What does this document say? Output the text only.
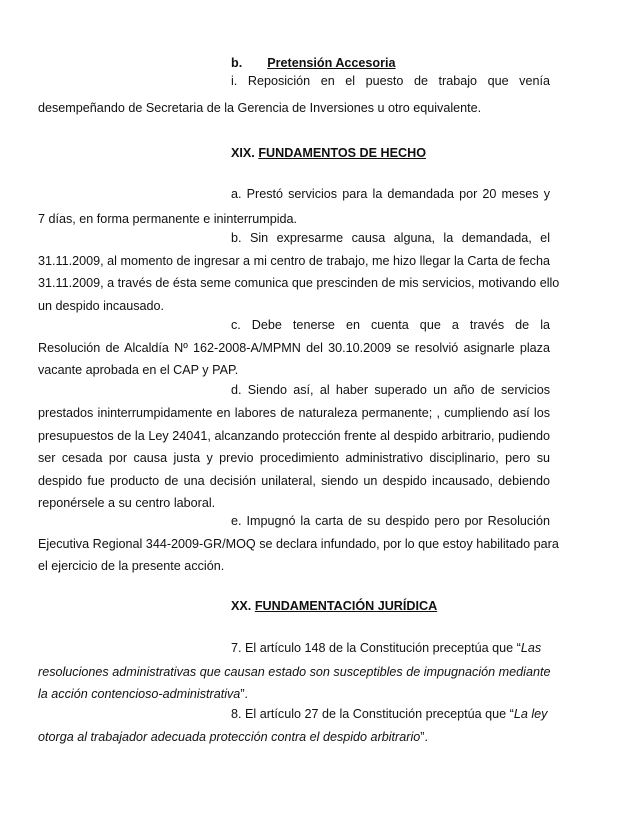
b. Pretensión Accesoria
i. Reposición en el puesto de trabajo que venía
desempeñando de Secretaria de la Gerencia de Inversiones u otro equivalente.
XIX. FUNDAMENTOS DE HECHO
a. Prestó servicios para la demandada por 20 meses y
7 días, en forma permanente e ininterrumpida.
b. Sin expresarme causa alguna, la demandada, el
31.11.2009, al momento de ingresar a mi centro de trabajo, me hizo llegar la Carta de fecha
31.11.2009, a través de ésta seme comunica que prescinden de mis servicios, motivando ello
un despido incausado.
c. Debe tenerse en cuenta que a través de la
Resolución de Alcaldía Nº 162-2008-A/MPMN del 30.10.2009 se resolvió asignarle plaza
vacante aprobada en el CAP y PAP.
d. Siendo así, al haber superado un año de servicios
prestados ininterrumpidamente en labores de naturaleza permanente; , cumpliendo así los
presupuestos de la Ley 24041, alcanzando protección frente al despido arbitrario, pudiendo
ser cesada por causa justa y previo procedimiento administrativo disciplinario, pero su
despido fue producto de una decisión unilateral, siendo un despido incausado, debiendo
reponérsele a su centro laboral.
e. Impugnó la carta de su despido pero por Resolución
Ejecutiva Regional 344-2009-GR/MOQ se declara infundado, por lo que estoy habilitado para
el ejercicio de la presente acción.
XX. FUNDAMENTACIÓN JURÍDICA
7. El artículo 148 de la Constitución preceptúa que “Las
resoluciones administrativas que causan estado son susceptibles de impugnación mediante
la acción contencioso-administrativa”.
8. El artículo 27 de la Constitución preceptúa que “La ley
otorga al trabajador adecuada protección contra el despido arbitrario”.
